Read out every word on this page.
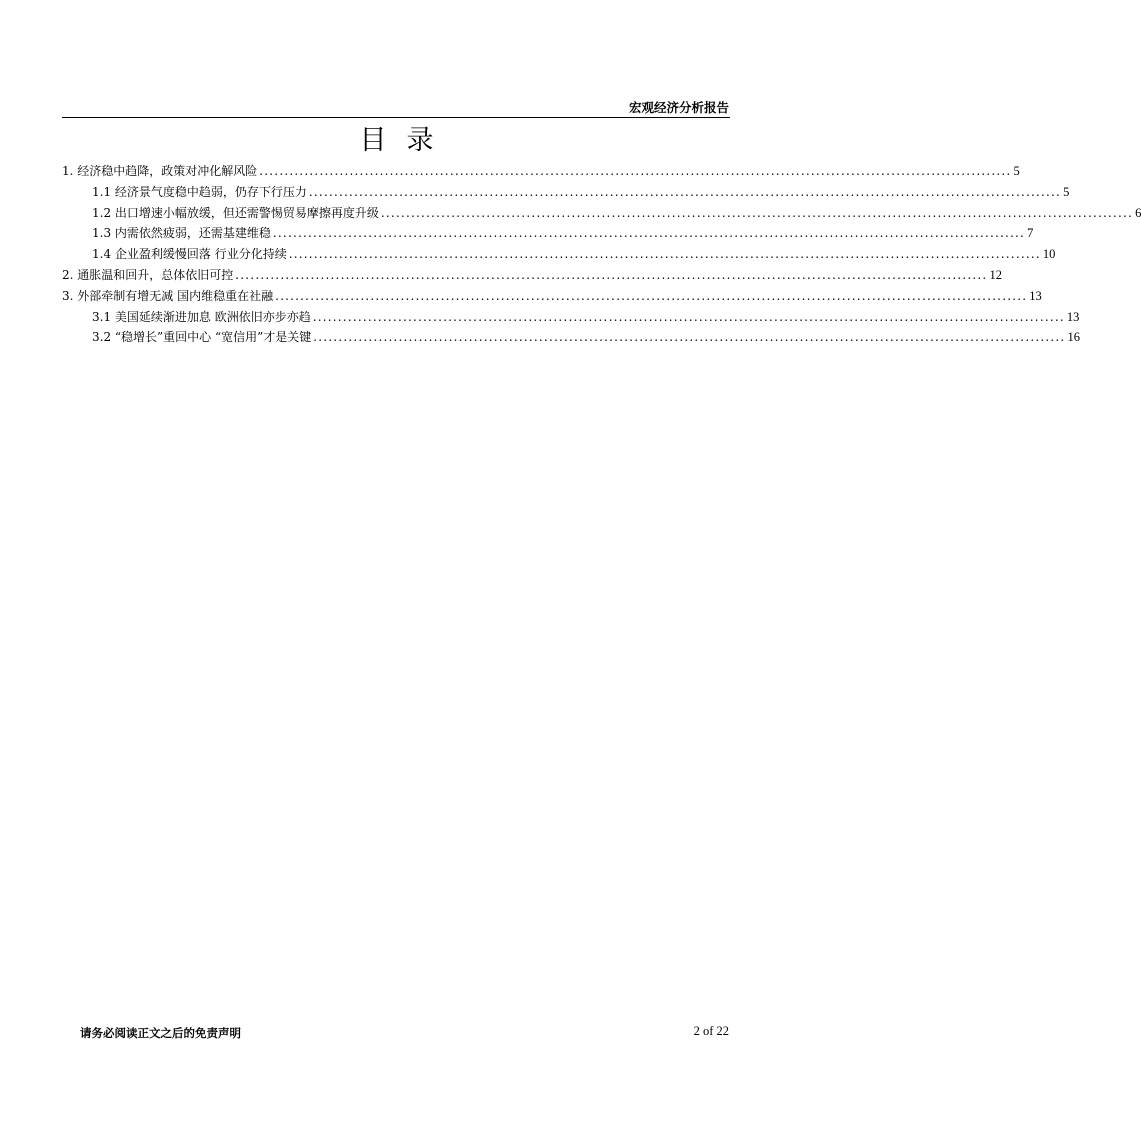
宏观经济分析报告
目录
1. 经济稳中趋降，政策对冲化解风险 ...................................................................................................................................................... 5
1.1 经济景气度稳中趋弱，仍存下行压力 ...................................................................................................................................................... 5
1.2 出口增速小幅放缓，但还需警惕贸易摩擦再度升级 ...................................................................................................................................................... 6
1.3 内需依然疲弱，还需基建维稳 ...................................................................................................................................................... 7
1.4 企业盈利缓慢回落 行业分化持续 ...................................................................................................................................................... 10
2. 通胀温和回升，总体依旧可控 ...................................................................................................................................................... 12
3. 外部牵制有增无减 国内维稳重在社融 ...................................................................................................................................................... 13
3.1 美国延续渐进加息 欧洲依旧亦步亦趋 ...................................................................................................................................................... 13
3.2 “稳增长”重回中心 “宽信用”才是关键 ...................................................................................................................................................... 16
请务必阅读正文之后的免责声明	2 of 22
